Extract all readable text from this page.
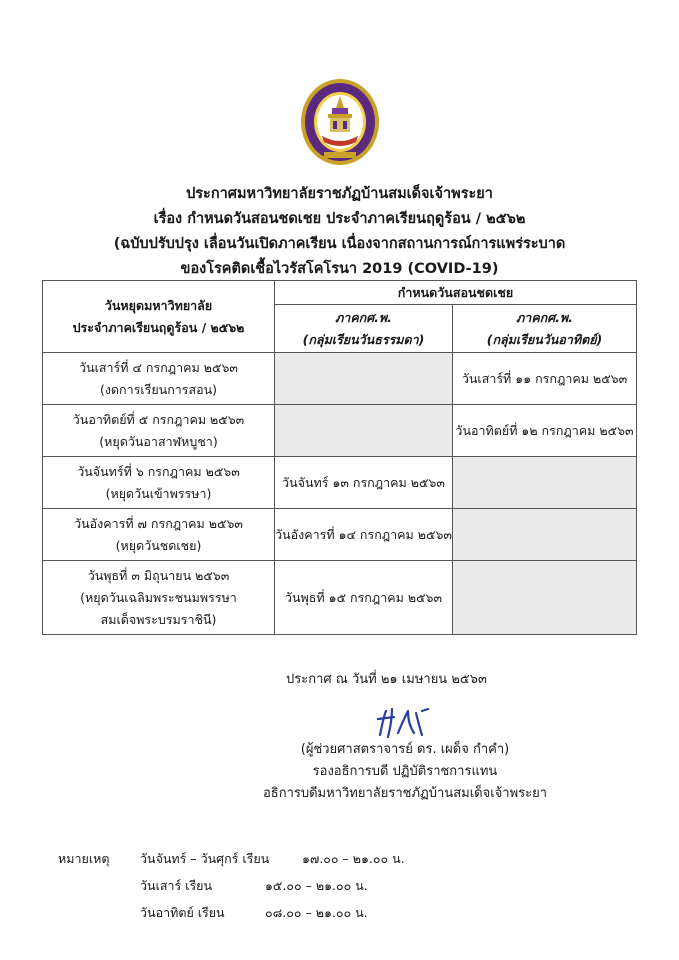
ประกาศมหาวิทยาลัยราชภัฏบ้านสมเด็จเจ้าพระยา
เรื่อง กำหนดวันสอนชดเชย ประจำภาคเรียนฤดูร้อน / ๒๕๖๒
(ฉบับปรับปรุง เลื่อนวันเปิดภาคเรียน เนื่องจากสถานการณ์การแพร่ระบาด
ของโรคติดเชื้อไวรัสโคโรนา 2019 (COVID-19)
วันหยุดมหาวิทยาลัย
ประจำภาคเรียนฤดูร้อน / ๒๕๖๒	กำหนดวันสอนชดเชย	

	ภาคกศ.พ.
(กลุ่มเรียนวันธรรมดา)	ภาคกศ.พ.
(กลุ่มเรียนวันอาทิตย์)

วันเสาร์ที่ ๔ กรกฎาคม ๒๕๖๓
(งดการเรียนการสอน)		วันเสาร์ที่ ๑๑ กรกฎาคม ๒๕๖๓

วันอาทิตย์ที่ ๕ กรกฎาคม ๒๕๖๓
(หยุดวันอาสาฬหบูชา)		วันอาทิตย์ที่ ๑๒ กรกฎาคม ๒๕๖๓

วันจันทร์ที่ ๖ กรกฎาคม ๒๕๖๓
(หยุดวันเข้าพรรษา)	วันจันทร์ ๑๓ กรกฎาคม ๒๕๖๓	

วันอังคารที่ ๗ กรกฎาคม ๒๕๖๓
(หยุดวันชดเชย)	วันอังคารที่ ๑๔ กรกฎาคม ๒๕๖๓	

วันพุธที่ ๓ มิถุนายน ๒๕๖๓
(หยุดวันเฉลิมพระชนมพรรษา
สมเด็จพระบรมราชินี)	วันพุธที่ ๑๕ กรกฎาคม ๒๕๖๓	
ประกาศ ณ วันที่ ๒๑ เมษายน ๒๕๖๓
(ผู้ช่วยศาสตราจารย์ ดร. เผด็จ กำคำ)
รองอธิการบดี ปฏิบัติราชการแทน
อธิการบดีมหาวิทยาลัยราชภัฏบ้านสมเด็จเจ้าพระยา
หมายเหตุ วันจันทร์ – วันศุกร์ เรียน	๑๗.๐๐ – ๒๑.๐๐ น.
วันเสาร์ เรียน	๑๕.๐๐ – ๒๑.๐๐ น.
วันอาทิตย์ เรียน	๐๘.๐๐ – ๒๑.๐๐ น.
